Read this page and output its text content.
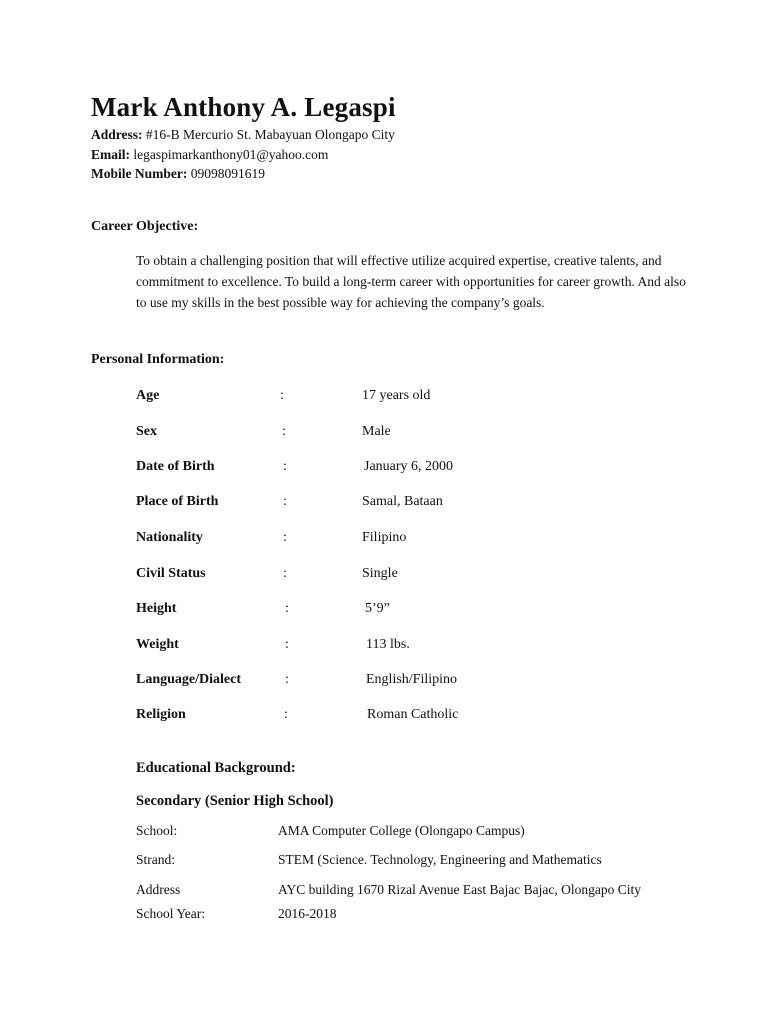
Mark Anthony A. Legaspi
Address: #16-B Mercurio St. Mabayuan Olongapo City
Email: legaspimarkanthony01@yahoo.com
Mobile Number: 09098091619
Career Objective:
To obtain a challenging position that will effective utilize acquired expertise, creative talents, and commitment to excellence. To build a long-term career with opportunities for career growth. And also to use my skills in the best possible way for achieving the company’s goals.
Personal Information:
Age	:	17 years old
Sex	:	Male
Date of Birth	:	January 6, 2000
Place of Birth	:	Samal, Bataan
Nationality	:	Filipino
Civil Status	:	Single
Height	:	5’9”
Weight	:	113 lbs.
Language/Dialect	:	English/Filipino
Religion	:	Roman Catholic
Educational Background:
Secondary (Senior High School)
School:	AMA Computer College (Olongapo Campus)
Strand:	STEM (Science. Technology, Engineering and Mathematics
Address	AYC building 1670 Rizal Avenue East Bajac Bajac, Olongapo City
School Year:	2016-2018
